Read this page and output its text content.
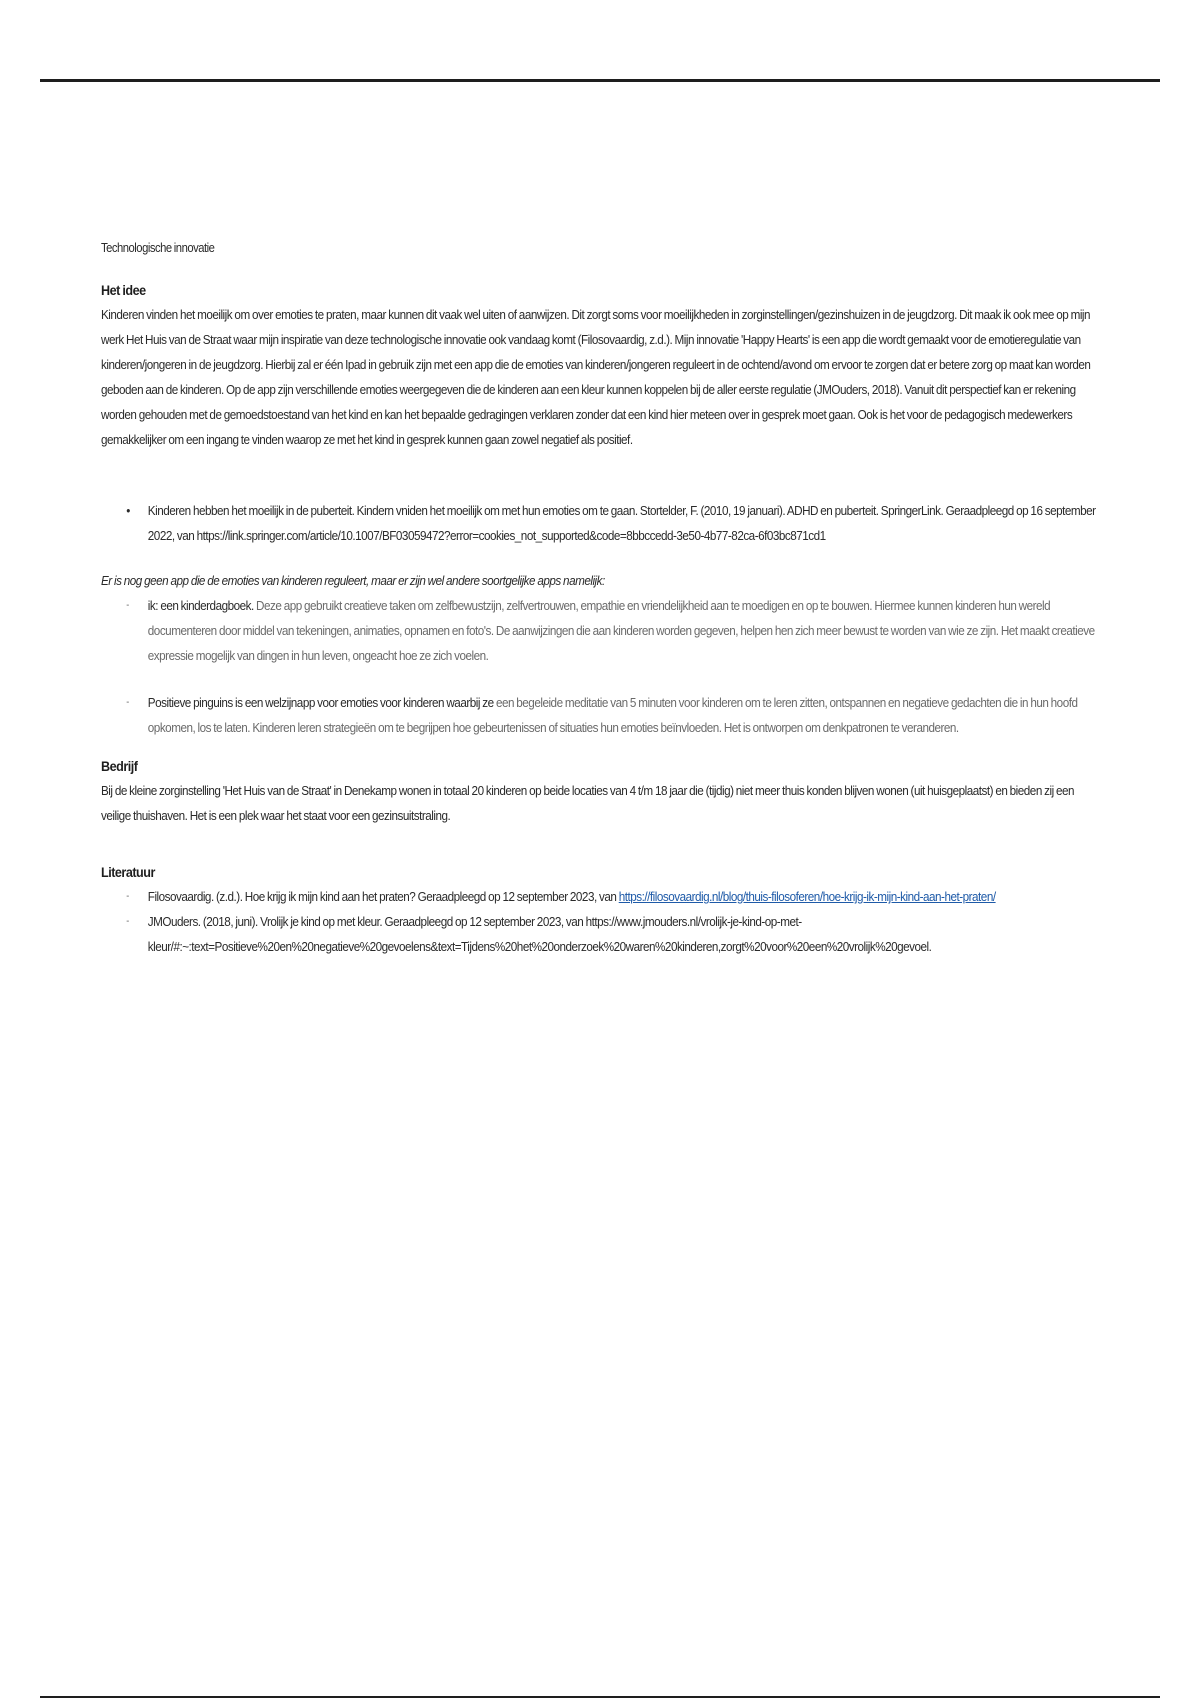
Technologische innovatie
Het idee

Kinderen vinden het moeilijk om over emoties te praten, maar kunnen dit vaak wel uiten of aanwijzen. Dit zorgt soms voor moeilijkheden in zorginstellingen/gezinshuizen in de jeugdzorg. Dit maak ik ook mee op mijn werk Het Huis van de Straat waar mijn inspiratie van deze technologische innovatie ook vandaag komt (Filosovaardig, z.d.). Mijn innovatie 'Happy Hearts' is een app die wordt gemaakt voor de emotieregulatie van kinderen/jongeren in de jeugdzorg. Hierbij zal er één Ipad in gebruik zijn met een app die de emoties van kinderen/jongeren reguleert in de ochtend/avond om ervoor te zorgen dat er betere zorg op maat kan worden geboden aan de kinderen. Op de app zijn verschillende emoties weergegeven die de kinderen aan een kleur kunnen koppelen bij de aller eerste regulatie (JMOuders, 2018). Vanuit dit perspectief kan er rekening worden gehouden met de gemoedstoestand van het kind en kan het bepaalde gedragingen verklaren zonder dat een kind hier meteen over in gesprek moet gaan. Ook is het voor de pedagogisch medewerkers gemakkelijker om een ingang te vinden waarop ze met het kind in gesprek kunnen gaan zowel negatief als positief.

• Kinderen hebben het moeilijk in de puberteit. Kindern vniden het moeilijk om met hun emoties om te gaan. Stortelder, F. (2010, 19 januari). ADHD en puberteit. SpringerLink. Geraadpleegd op 16 september 2022, van https://link.springer.com/article/10.1007/BF03059472?error=cookies_not_supported&code=8bbccedd-3e50-4b77-82ca-6f03bc871cd1

Er is nog geen app die de emoties van kinderen reguleert, maar er zijn wel andere soortgelijke apps namelijk:

- ik: een kinderdagboek. Deze app gebruikt creatieve taken om zelfbewustzijn, zelfvertrouwen, empathie en vriendelijkheid aan te moedigen en op te bouwen. Hiermee kunnen kinderen hun wereld documenteren door middel van tekeningen, animaties, opnamen en foto's. De aanwijzingen die aan kinderen worden gegeven, helpen hen zich meer bewust te worden van wie ze zijn. Het maakt creatieve expressie mogelijk van dingen in hun leven, ongeacht hoe ze zich voelen.
- Positieve pinguins is een welzijnapp voor emoties voor kinderen waarbij ze een begeleide meditatie van 5 minuten voor kinderen om te leren zitten, ontspannen en negatieve gedachten die in hun hoofd opkomen, los te laten. Kinderen leren strategieën om te begrijpen hoe gebeurtenissen of situaties hun emoties beïnvloeden. Het is ontworpen om denkpatronen te veranderen.
Bedrijf

Bij de kleine zorginstelling 'Het Huis van de Straat' in Denekamp wonen in totaal 20 kinderen op beide locaties van 4 t/m 18 jaar die (tijdig) niet meer thuis konden blijven wonen (uit huisgeplaatst) en bieden zij een veilige thuishaven. Het is een plek waar het staat voor een gezinsuitstraling.

Literatuur
- Filosovaardig. (z.d.). Hoe krijg ik mijn kind aan het praten? Geraadpleegd op 12 september 2023, van https://filosovaardig.nl/blog/thuis-filosoferen/hoe-krijg-ik-mijn-kind-aan-het-praten/
- JMOuders. (2018, juni). Vrolijk je kind op met kleur. Geraadpleegd op 12 september 2023, van https://www.jmouders.nl/vrolijk-je-kind-op-met-kleur/#:~:text=Positieve%20en%20negatieve%20gevoelens&text=Tijdens%20het%20onderzoek%20waren%20kinderen,zorgt%20voor%20een%20vrolijk%20gevoel.
